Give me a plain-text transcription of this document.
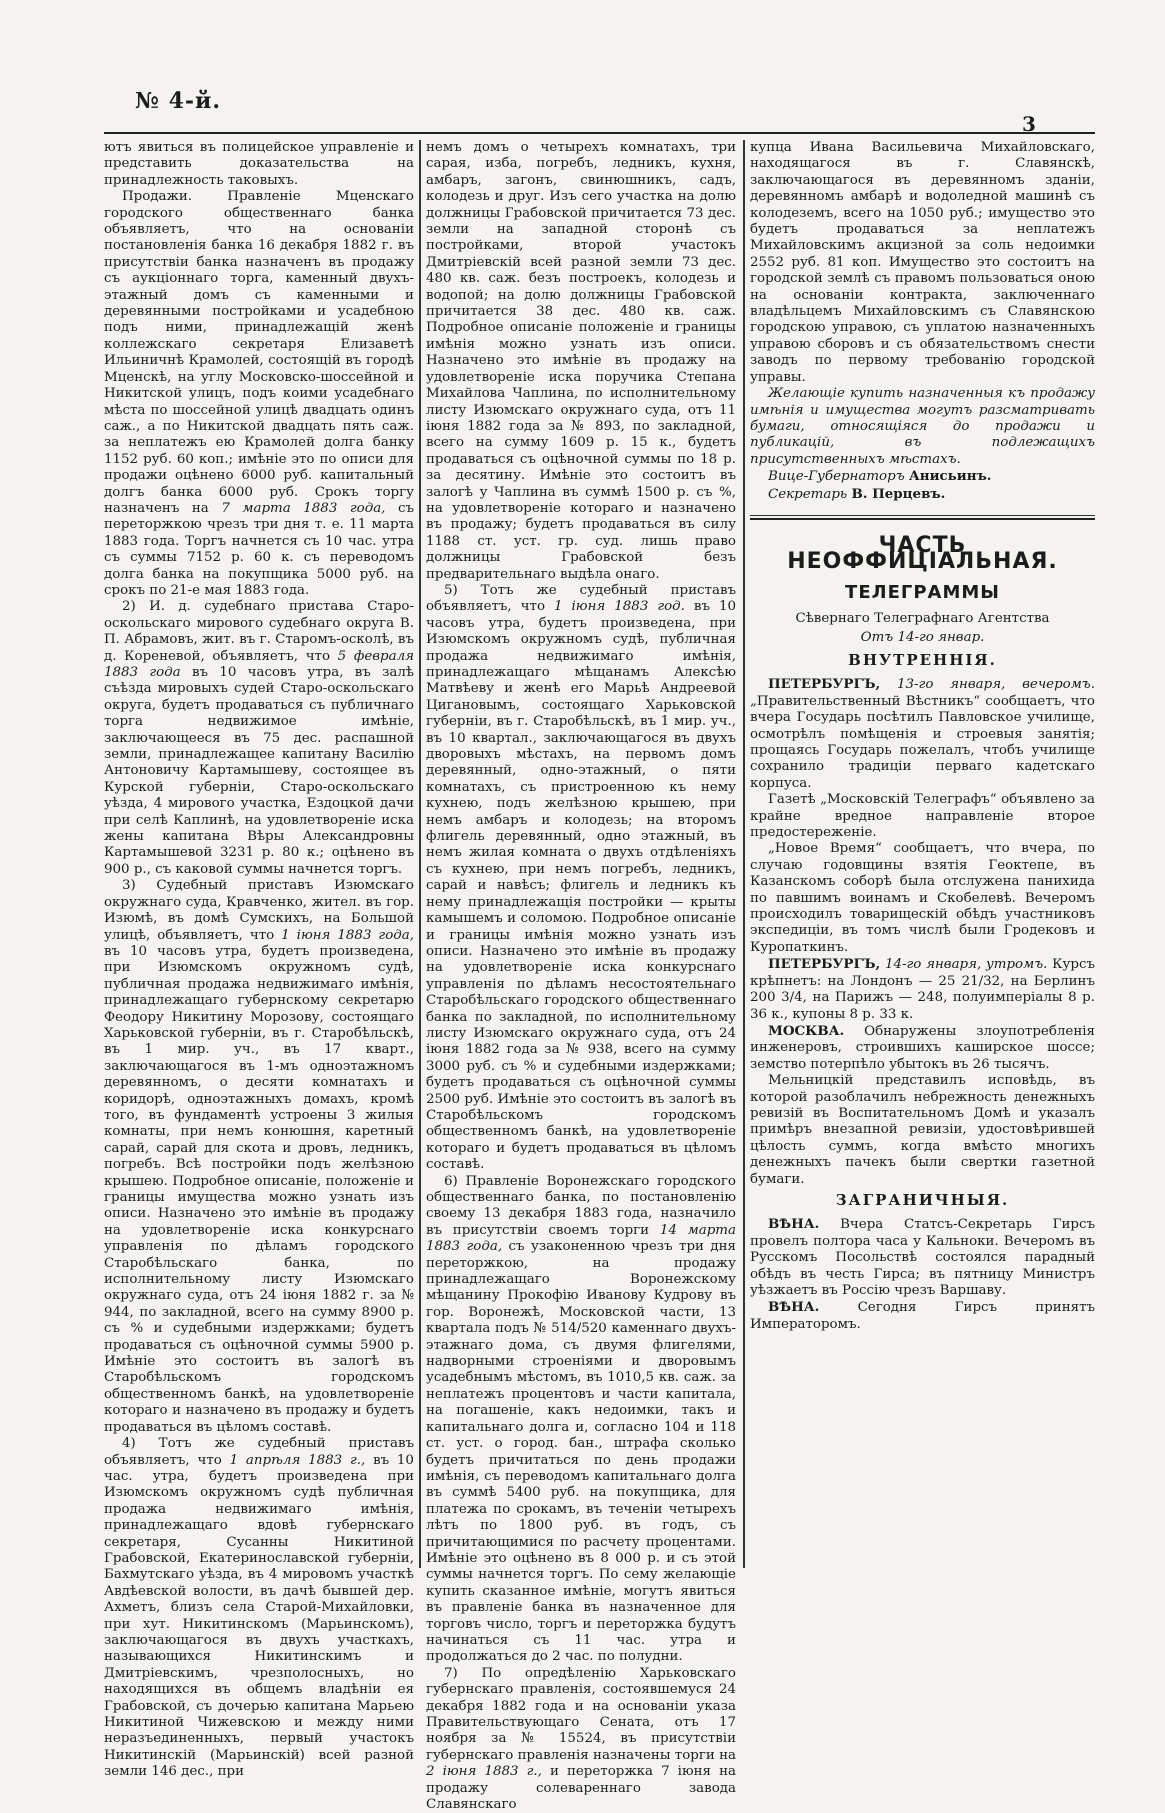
№ 4-й.
3

ютъ явиться въ полицейское управленіе и представить доказательства на принадлежность таковыхъ.

Продажи. Правленіе Мценскаго городского общественнаго банка объявляетъ, что на основаніи постановленія банка 16 декабря 1882 г. въ присутствіи банка назначенъ въ продажу съ аукціоннаго торга, каменный двухъ-этажный домъ съ каменными и деревянными постройками и усадебною подъ ними, принадлежащій женѣ коллежскаго секретаря Елизаветѣ Ильиничнѣ Крамолей, состоящій въ городѣ Мценскѣ, на углу Московско-шоссейной и Никитской улицъ, подъ коими усадебнаго мѣста по шоссейной улицѣ двадцать одинъ саж., а по Никитской двадцать пять саж. за неплатежъ ею Крамолей долга банку 1152 руб. 60 коп.; имѣніе это по описи для продажи оцѣнено 6000 руб. капитальный долгъ банка 6000 руб. Срокъ торгу назначенъ на 7 марта 1883 года, съ переторжкою чрезъ три дня т. е. 11 марта 1883 года. Торгъ начнется съ 10 час. утра съ суммы 7152 р. 60 к. съ переводомъ долга банка на покупщика 5000 руб. на срокъ по 21-е мая 1883 года.

2) И. д. судебнаго пристава Старо-оскольскаго мирового судебнаго округа В. П. Абрамовъ, жит. въ г. Старомъ-осколѣ, въ д. Кореневой, объявляетъ, что 5 февраля 1883 года въ 10 часовъ утра, въ залѣ съѣзда мировыхъ судей Старо-оскольскаго округа, будетъ продаваться съ публичнаго торга недвижимое имѣніе, заключающееся въ 75 дес. распашной земли, принадлежащее капитану Василію Антоновичу Картамышеву, состоящее въ Курской губерніи, Старо-оскольскаго уѣзда, 4 мирового участка, Ездоцкой дачи при селѣ Каплинѣ, на удовлетвореніе иска жены капитана Вѣры Александровны Картамышевой 3231 р. 80 к.; оцѣнено въ 900 р., съ каковой суммы начнется торгъ.

3) Судебный приставъ Изюмскаго окружнаго суда, Кравченко, жител. въ гор. Изюмѣ, въ домѣ Сумскихъ, на Большой улицѣ, объявляетъ, что 1 іюня 1883 года, въ 10 часовъ утра, будетъ произведена, при Изюмскомъ окружномъ судѣ, публичная продажа недвижимаго имѣнія, принадлежащаго губернскому секретарю Феодору Никитину Морозову, состоящаго Харьковской губерніи, въ г. Старобѣльскѣ, въ 1 мир. уч., въ 17 кварт., заключающагося въ 1-мъ одноэтажномъ деревянномъ, о десяти комнатахъ и коридорѣ, одноэтажныхъ домахъ, кромѣ того, въ фундаментѣ устроены 3 жилыя комнаты, при немъ конюшня, каретный сарай, сарай для скота и дровъ, ледникъ, погребъ. Всѣ постройки подъ желѣзною крышею. Подробное описаніе, положеніе и границы имущества можно узнать изъ описи. Назначено это имѣніе въ продажу на удовлетвореніе иска конкурснаго управленія по дѣламъ городского Старобѣльскаго банка, по исполнительному листу Изюмскаго окружнаго суда, отъ 24 іюня 1882 г. за № 944, по закладной, всего на сумму 8900 р. съ % и судебными издержками; будетъ продаваться съ оцѣночной суммы 5900 р. Имѣніе это состоитъ въ залогѣ въ Старобѣльскомъ городскомъ общественномъ банкѣ, на удовлетвореніе котораго и назначено въ продажу и будетъ продаваться въ цѣломъ составѣ.

4) Тотъ же судебный приставъ объявляетъ, что 1 апрѣля 1883 г., въ 10 час. утра, будетъ произведена при Изюмскомъ окружномъ судѣ публичная продажа недвижимаго имѣнія, принадлежащаго вдовѣ губернскаго секретаря, Сусанны Никитиной Грабовской, Екатеринославской губерніи, Бахмутскаго уѣзда, въ 4 мировомъ участкѣ Авдѣевской волости, въ дачѣ бывшей дер. Ахметъ, близъ села Старой-Михайловки, при хут. Никитинскомъ (Марьинскомъ), заключающагося въ двухъ участкахъ, называющихся Никитинскимъ и Дмитріевскимъ, чрезполосныхъ, но находящихся въ общемъ владѣніи ея Грабовской, съ дочерью капитана Марьею Никитиной Чижевскою и между ними неразъединенныхъ, первый участокъ Никитинскій (Марьинскій) всей разной земли 146 дес., при

немъ домъ о четырехъ комнатахъ, три сарая, изба, погребъ, ледникъ, кухня, амбаръ, загонъ, свинюшникъ, садъ, колодезь и друг. Изъ сего участка на долю должницы Грабовской причитается 73 дес. земли на западной сторонѣ съ постройками, второй участокъ Дмитріевскій всей разной земли 73 дес. 480 кв. саж. безъ построекъ, колодезь и водопой; на долю должницы Грабовской причитается 38 дес. 480 кв. саж. Подробное описаніе положеніе и границы имѣнія можно узнать изъ описи. Назначено это имѣніе въ продажу на удовлетвореніе иска поручика Степана Михайлова Чаплина, по исполнительному листу Изюмскаго окружнаго суда, отъ 11 іюня 1882 года за № 893, по закладной, всего на сумму 1609 р. 15 к., будетъ продаваться съ оцѣночной суммы по 18 р. за десятину. Имѣніе это состоитъ въ залогѣ у Чаплина въ суммѣ 1500 р. съ %, на удовлетвореніе котораго и назначено въ продажу; будетъ продаваться въ силу 1188 ст. уст. гр. суд. лишь право должницы Грабовской безъ предварительнаго выдѣла онаго.

5) Тотъ же судебный приставъ объявляетъ, что 1 іюня 1883 год. въ 10 часовъ утра, будетъ произведена, при Изюмскомъ окружномъ судѣ, публичная продажа недвижимаго имѣнія, принадлежащаго мѣщанамъ Алексѣю Матвѣеву и женѣ его Марьѣ Андреевой Цигановымъ, состоящаго Харьковской губерніи, въ г. Старобѣльскѣ, въ 1 мир. уч., въ 10 квартал., заключающагося въ двухъ дворовыхъ мѣстахъ, на первомъ домъ деревянный, одно-этажный, о пяти комнатахъ, съ пристроенною къ нему кухнею, подъ желѣзною крышею, при немъ амбаръ и колодезь; на второмъ флигель деревянный, одно этажный, въ немъ жилая комната о двухъ отдѣленіяхъ съ кухнею, при немъ погребъ, ледникъ, сарай и навѣсъ; флигель и ледникъ къ нему принадлежащія постройки — крыты камышемъ и соломою. Подробное описаніе и границы имѣнія можно узнать изъ описи. Назначено это имѣніе въ продажу на удовлетвореніе иска конкурснаго управленія по дѣламъ несостоятельнаго Старобѣльскаго городского общественнаго банка по закладной, по исполнительному листу Изюмскаго окружнаго суда, отъ 24 іюня 1882 года за № 938, всего на сумму 3000 руб. съ % и судебными издержками; будетъ продаваться съ оцѣночной суммы 2500 руб. Имѣніе это состоитъ въ залогѣ въ Старобѣльскомъ городскомъ общественномъ банкѣ, на удовлетвореніе котораго и будетъ продаваться въ цѣломъ составѣ.

6) Правленіе Воронежскаго городского общественнаго банка, по постановленію своему 13 декабря 1883 года, назначило въ присутствіи своемъ торги 14 марта 1883 года, съ узаконенною чрезъ три дня переторжкою, на продажу принадлежащаго Воронежскому мѣщанину Прокофію Иванову Кудрову въ гор. Воронежѣ, Московской части, 13 квартала подъ № 514/520 каменнаго двухъ-этажнаго дома, съ двумя флигелями, надворными строеніями и дворовымъ усадебнымъ мѣстомъ, въ 1010,5 кв. саж. за неплатежъ процентовъ и части капитала, на погашеніе, какъ недоимки, такъ и капитальнаго долга и, согласно 104 и 118 ст. уст. о город. бан., штрафа сколько будетъ причитаться по день продажи имѣнія, съ переводомъ капитальнаго долга въ суммѣ 5400 руб. на покупщика, для платежа по срокамъ, въ теченіи четырехъ лѣтъ по 1800 руб. въ годъ, съ причитающимися по расчету процентами. Имѣніе это оцѣнено въ 8 000 р. и съ этой суммы начнется торгъ. По сему желающіе купить сказанное имѣніе, могутъ явиться въ правленіе банка въ назначенное для торговъ число, торгъ и переторжка будутъ начинаться съ 11 час. утра и продолжаться до 2 час. по полудни.

7) По опредѣленію Харьковскаго губернскаго правленія, состоявшемуся 24 декабря 1882 года и на основаніи указа Правительствующаго Сената, отъ 17 ноября за № 15524, въ присутствіи губернскаго правленія назначены торги на 2 іюня 1883 г., и переторжка 7 іюня на продажу солевареннаго завода Славянскаго

купца Ивана Васильевича Михайловскаго, находящагося въ г. Славянскѣ, заключающагося въ деревянномъ зданіи, деревянномъ амбарѣ и водоледной машинѣ съ колодеземъ, всего на 1050 руб.; имущество это будетъ продаваться за неплатежъ Михайловскимъ акцизной за соль недоимки 2552 руб. 81 коп. Имущество это состоитъ на городской землѣ съ правомъ пользоваться оною на основаніи контракта, заключеннаго владѣльцемъ Михайловскимъ съ Славянскою городскою управою, съ уплатою назначенныхъ управою сборовъ и съ обязательствомъ снести заводъ по первому требованію городской управы.

Желающіе купить назначенныя къ продажу имѣнія и имущества могутъ разсматривать бумаги, относящіяся до продажи и публикацій, въ подлежащихъ присутственныхъ мѣстахъ.

Вице-Губернаторъ Анисьинъ.

Секретарь В. Перцевъ.

ЧАСТЬ НЕОФФИЦІАЛЬНАЯ.
ТЕЛЕГРАММЫ
Сѣвернаго Телеграфнаго Агентства
Отъ 14-го январ.
ВНУТРЕННІЯ.

ПЕТЕРБУРГЪ, 13-го января, вечеромъ. „Правительственный Вѣстникъ“ сообщаетъ, что вчера Государь посѣтилъ Павловское училище, осмотрѣлъ помѣщенія и строевыя занятія; прощаясь Государь пожелалъ, чтобъ училище сохранило традиціи перваго кадетскаго корпуса.

Газетѣ „Московскій Телеграфъ“ объявлено за крайне вредное направленіе второе предостереженіе.

„Новое Время“ сообщаетъ, что вчера, по случаю годовщины взятія Геоктепе, въ Казанскомъ соборѣ была отслужена панихида по павшимъ воинамъ и Скобелевѣ. Вечеромъ происходилъ товарищескій обѣдъ участниковъ экспедиціи, въ томъ числѣ были Гродековъ и Куропаткинъ.

ПЕТЕРБУРГЪ, 14-го января, утромъ. Курсъ крѣпнетъ: на Лондонъ — 25 21/32, на Берлинъ 200 3/4, на Парижъ — 248, полуимперіалы 8 р. 36 к., купоны 8 р. 33 к.

МОСКВА. Обнаружены злоупотребленія инженеровъ, строившихъ каширское шоссе; земство потерпѣло убытокъ въ 26 тысячъ.

Мельницкій представилъ исповѣдь, въ которой разоблачилъ небрежность денежныхъ ревизій въ Воспитательномъ Домѣ и указалъ примѣръ внезапной ревизіи, удостовѣрившей цѣлость суммъ, когда вмѣсто многихъ денежныхъ пачекъ были свертки газетной бумаги.

ЗАГРАНИЧНЫЯ.

ВѢНА. Вчера Статсъ-Секретарь Гирсъ провелъ полтора часа у Кальноки. Вечеромъ въ Русскомъ Посольствѣ состоялся парадный обѣдъ въ честь Гирса; въ пятницу Министръ уѣзжаетъ въ Россію чрезъ Варшаву.

ВѢНА.	Сегодня Гирсъ принятъ Императоромъ.
